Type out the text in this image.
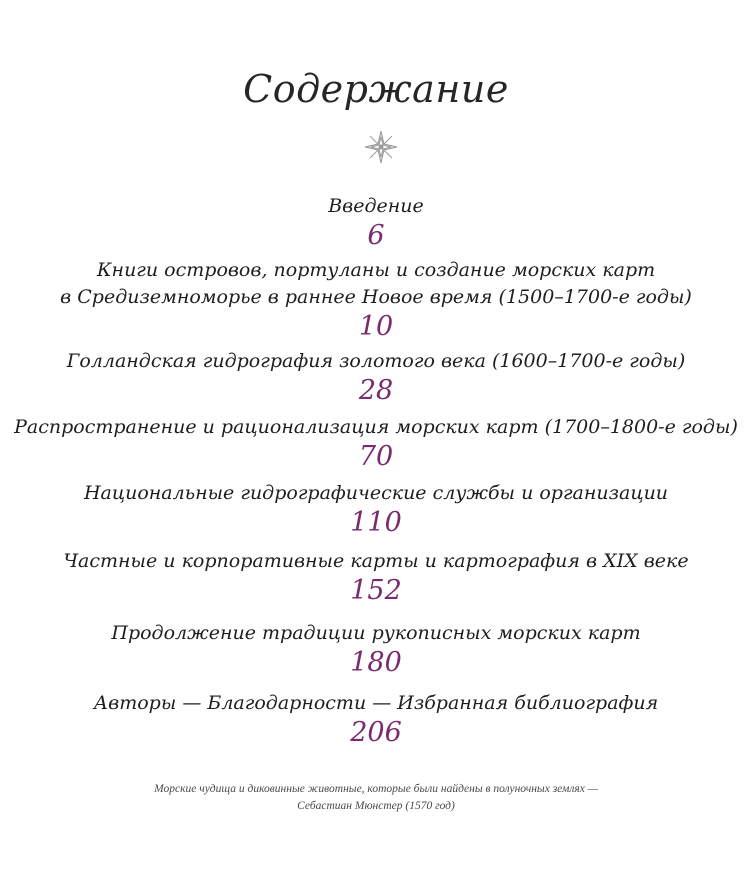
Содержание
Введение
6
Книги островов, портуланы и создание морских карт
в Средиземноморье в раннее Новое время (1500–1700-е годы)
10
Голландская гидрография золотого века (1600–1700-е годы)
28
Распространение и рационализация морских карт (1700–1800-е годы)
70
Национальные гидрографические службы и организации
110
Частные и корпоративные карты и картография в XIX веке
152
Продолжение традиции рукописных морских карт
180
Авторы — Благодарности — Избранная библиография
206
Морские чудища и диковинные животные, которые были найдены в полуночных землях —
Себастиан Мюнстер (1570 год)
